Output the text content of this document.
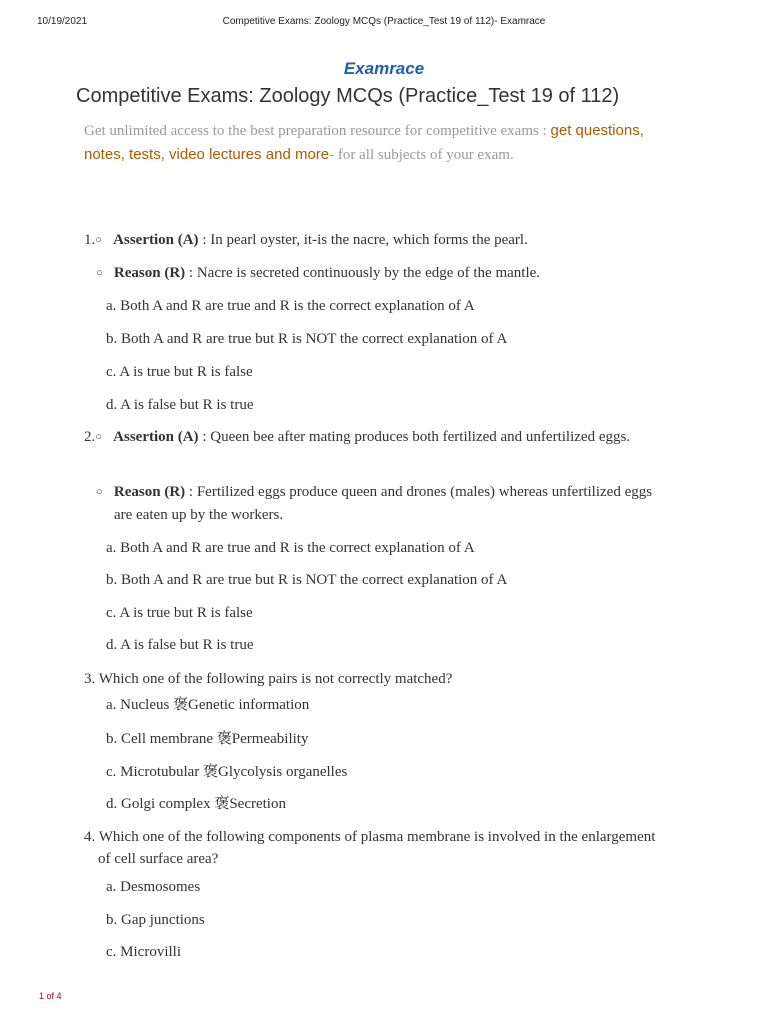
10/19/2021	Competitive Exams: Zoology MCQs (Practice_Test 19 of 112)- Examrace
Examrace
Competitive Exams: Zoology MCQs (Practice_Test 19 of 112)
Get unlimited access to the best preparation resource for competitive exams : get questions, notes, tests, video lectures and more- for all subjects of your exam.
1.○ Assertion (A) : In pearl oyster, it-is the nacre, which forms the pearl.
○ Reason (R) : Nacre is secreted continuously by the edge of the mantle.
a. Both A and R are true and R is the correct explanation of A
b. Both A and R are true but R is NOT the correct explanation of A
c. A is true but R is false
d. A is false but R is true
2.○ Assertion (A) : Queen bee after mating produces both fertilized and unfertilized eggs.
○ Reason (R) : Fertilized eggs produce queen and drones (males) whereas unfertilized eggs are eaten up by the workers.
a. Both A and R are true and R is the correct explanation of A
b. Both A and R are true but R is NOT the correct explanation of A
c. A is true but R is false
d. A is false but R is true
3. Which one of the following pairs is not correctly matched?
a. Nucleus 褒Genetic information
b. Cell membrane 褒Permeability
c. Microtubular 褒Glycolysis organelles
d. Golgi complex 褒Secretion
4. Which one of the following components of plasma membrane is involved in the enlargement of cell surface area?
a. Desmosomes
b. Gap junctions
c. Microvilli
1 of 4
